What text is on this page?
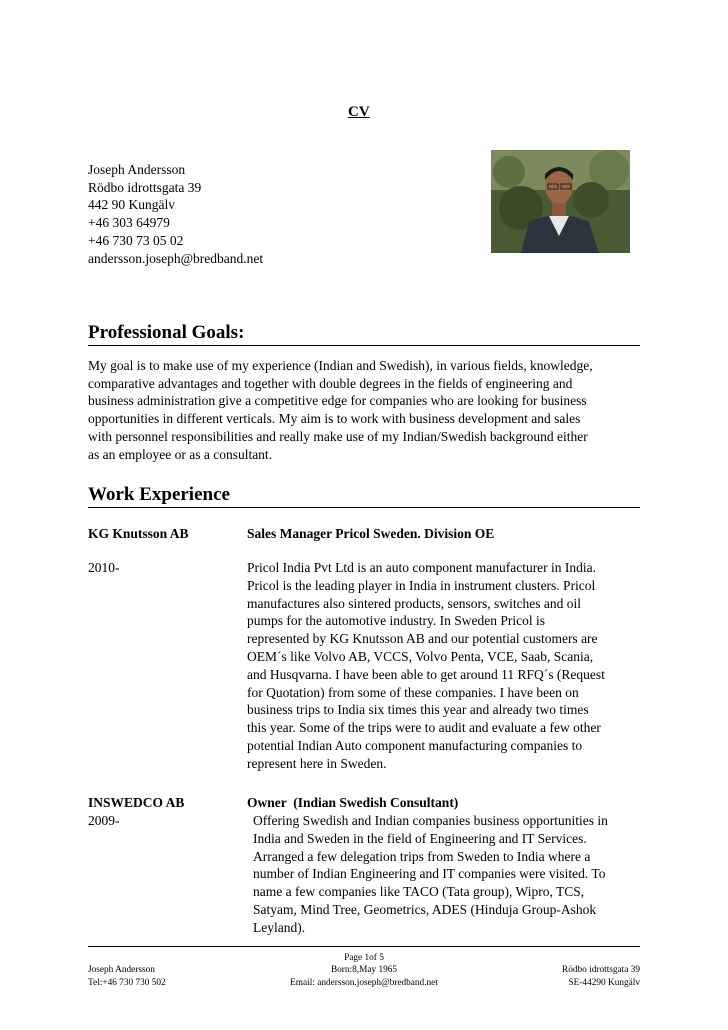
CV
Joseph Andersson
Rödbo idrottsgata 39
442 90 Kungälv
+46 303 64979
+46 730 73 05 02
andersson.joseph@bredband.net
Professional Goals:
My goal is to make use of my experience (Indian and Swedish), in various fields, knowledge,
comparative advantages and together with double degrees in the fields of engineering and
business administration give a competitive edge for companies who are looking for business
opportunities in different verticals. My aim is to work with business development and sales
with personnel responsibilities and really make use of my Indian/Swedish background either
as an employee or as a consultant.
Work Experience
KG Knutsson AB	Sales Manager Pricol Sweden. Division OE
2010-	Pricol India Pvt Ltd is an auto component manufacturer in India.
Pricol is the leading player in India in instrument clusters. Pricol
manufactures also sintered products, sensors, switches and oil
pumps for the automotive industry. In Sweden Pricol is
represented by KG Knutsson AB and our potential customers are
OEM´s like Volvo AB, VCCS, Volvo Penta, VCE, Saab, Scania,
and Husqvarna. I have been able to get around 11 RFQ´s (Request
for Quotation) from some of these companies. I have been on
business trips to India six times this year and already two times
this year. Some of the trips were to audit and evaluate a few other
potential Indian Auto component manufacturing companies to
represent here in Sweden.
INSWEDCO AB	Owner  (Indian Swedish Consultant)
2009-	Offering Swedish and Indian companies business opportunities in
India and Sweden in the field of Engineering and IT Services.
Arranged a few delegation trips from Sweden to India where a
number of Indian Engineering and IT companies were visited. To
name a few companies like TACO (Tata group), Wipro, TCS,
Satyam, Mind Tree, Geometrics, ADES (Hinduja Group-Ashok
Leyland).
Page 1of 5
Born:8,May 1965
Email: andersson.joseph@bredband.net
Joseph Andersson
Tel:+46 730 730 502
Rödbo idrottsgata 39
SE-44290 Kungälv
